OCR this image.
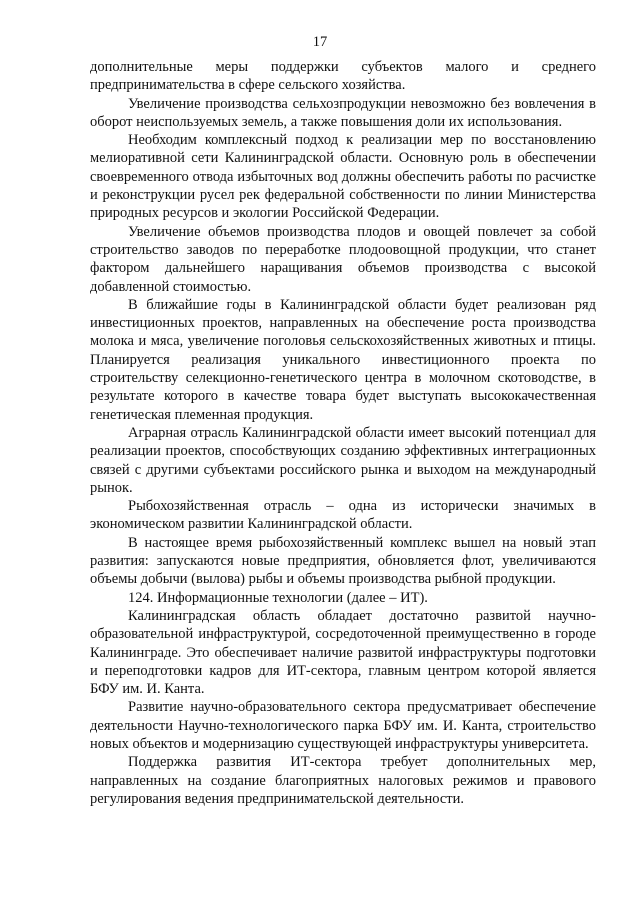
17

дополнительные меры поддержки субъектов малого и среднего предпринимательства в сфере сельского хозяйства.

Увеличение производства сельхозпродукции невозможно без вовлечения в оборот неиспользуемых земель, а также повышения доли их использования.

Необходим комплексный подход к реализации мер по восстановлению мелиоративной сети Калининградской области. Основную роль в обеспечении своевременного отвода избыточных вод должны обеспечить работы по расчистке и реконструкции русел рек федеральной собственности по линии Министерства природных ресурсов и экологии Российской Федерации.

Увеличение объемов производства плодов и овощей повлечет за собой строительство заводов по переработке плодоовощной продукции, что станет фактором дальнейшего наращивания объемов производства с высокой добавленной стоимостью.

В ближайшие годы в Калининградской области будет реализован ряд инвестиционных проектов, направленных на обеспечение роста производства молока и мяса, увеличение поголовья сельскохозяйственных животных и птицы. Планируется реализация уникального инвестиционного проекта по строительству селекционно-генетического центра в молочном скотоводстве, в результате которого в качестве товара будет выступать высококачественная генетическая племенная продукция.

Аграрная отрасль Калининградской области имеет высокий потенциал для реализации проектов, способствующих созданию эффективных интеграционных связей с другими субъектами российского рынка и выходом на международный рынок.

Рыбохозяйственная отрасль – одна из исторически значимых в экономическом развитии Калининградской области.

В настоящее время рыбохозяйственный комплекс вышел на новый этап развития: запускаются новые предприятия, обновляется флот, увеличиваются объемы добычи (вылова) рыбы и объемы производства рыбной продукции.

124. Информационные технологии (далее – ИТ).

Калининградская область обладает достаточно развитой научно-образовательной инфраструктурой, сосредоточенной преимущественно в городе Калининграде. Это обеспечивает наличие развитой инфраструктуры подготовки и переподготовки кадров для ИТ-сектора, главным центром которой является БФУ им. И. Канта.

Развитие научно-образовательного сектора предусматривает обеспечение деятельности Научно-технологического парка БФУ им. И. Канта, строительство новых объектов и модернизацию существующей инфраструктуры университета.

Поддержка развития ИТ-сектора требует дополнительных мер, направленных на создание благоприятных налоговых режимов и правового регулирования ведения предпринимательской деятельности.
